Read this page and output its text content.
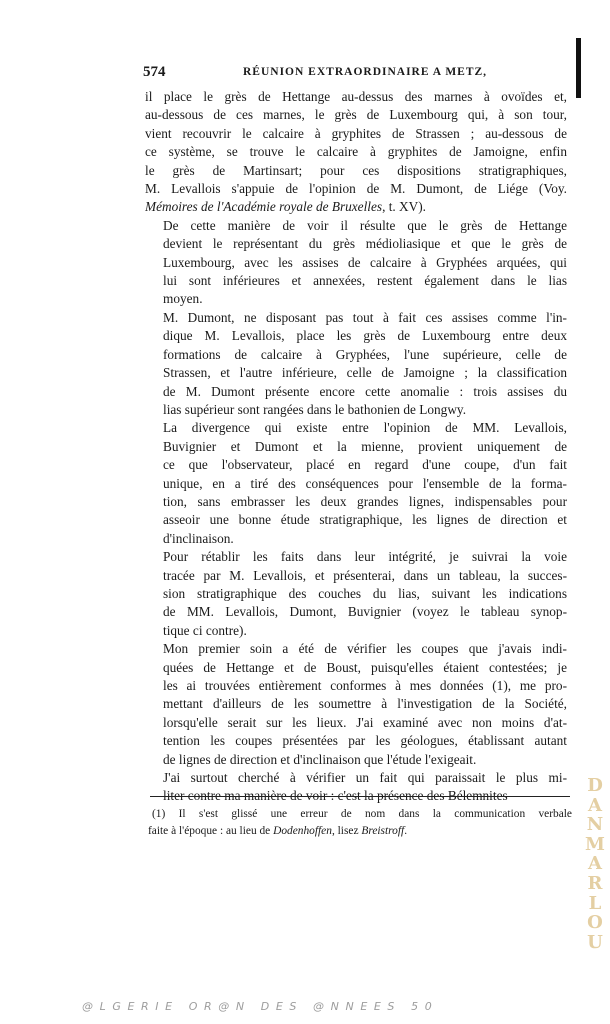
574	RÉUNION EXTRAORDINAIRE A METZ,

il place le grès de Hettange au-dessus des marnes à ovoïdes et,
au-dessous de ces marnes, le grès de Luxembourg qui, à son tour,
vient recouvrir le calcaire à gryphites de Strassen ; au-dessous de
ce système, se trouve le calcaire à gryphites de Jamoigne, enfin
le grès de Martinsart; pour ces dispositions stratigraphiques,
M. Levallois s'appuie de l'opinion de M. Dumont, de Liége (Voy.
Mémoires de l'Académie royale de Bruxelles, t. XV).

De cette manière de voir il résulte que le grès de Hettange
devient le représentant du grès médioliasique et que le grès de
Luxembourg, avec les assises de calcaire à Gryphées arquées, qui
lui sont inférieures et annexées, restent également dans le lias
moyen.

M. Dumont, ne disposant pas tout à fait ces assises comme l'in-
dique M. Levallois, place les grès de Luxembourg entre deux
formations de calcaire à Gryphées, l'une supérieure, celle de
Strassen, et l'autre inférieure, celle de Jamoigne ; la classification
de M. Dumont présente encore cette anomalie : trois assises du
lias supérieur sont rangées dans le bathonien de Longwy.

La divergence qui existe entre l'opinion de MM. Levallois,
Buvignier et Dumont et la mienne, provient uniquement de
ce que l'observateur, placé en regard d'une coupe, d'un fait
unique, en a tiré des conséquences pour l'ensemble de la forma-
tion, sans embrasser les deux grandes lignes, indispensables pour
asseoir une bonne étude stratigraphique, les lignes de direction et
d'inclinaison.

Pour rétablir les faits dans leur intégrité, je suivrai la voie
tracée par M. Levallois, et présenterai, dans un tableau, la succes-
sion stratigraphique des couches du lias, suivant les indications
de MM. Levallois, Dumont, Buvignier (voyez le tableau synop-
tique ci contre).

Mon premier soin a été de vérifier les coupes que j'avais indi-
quées de Hettange et de Boust, puisqu'elles étaient contestées; je
les ai trouvées entièrement conformes à mes données (1), me pro-
mettant d'ailleurs de les soumettre à l'investigation de la Société,
lorsqu'elle serait sur les lieux. J'ai examiné avec non moins d'at-
tention les coupes présentées par les géologues, établissant autant
de lignes de direction et d'inclinaison que l'étude l'exigeait.

J'ai surtout cherché à vérifier un fait qui paraissait le plus mi-
liter contre ma manière de voir : c'est la présence des Bélemnites

(1) Il s'est glissé une erreur de nom dans la communication verbale
faite à l'époque : au lieu de Dodenhoffen, lisez Breistroff.
D
A
N
M
A
R
L
O
U
@LGERIE OR@N DES @NNEES 50
